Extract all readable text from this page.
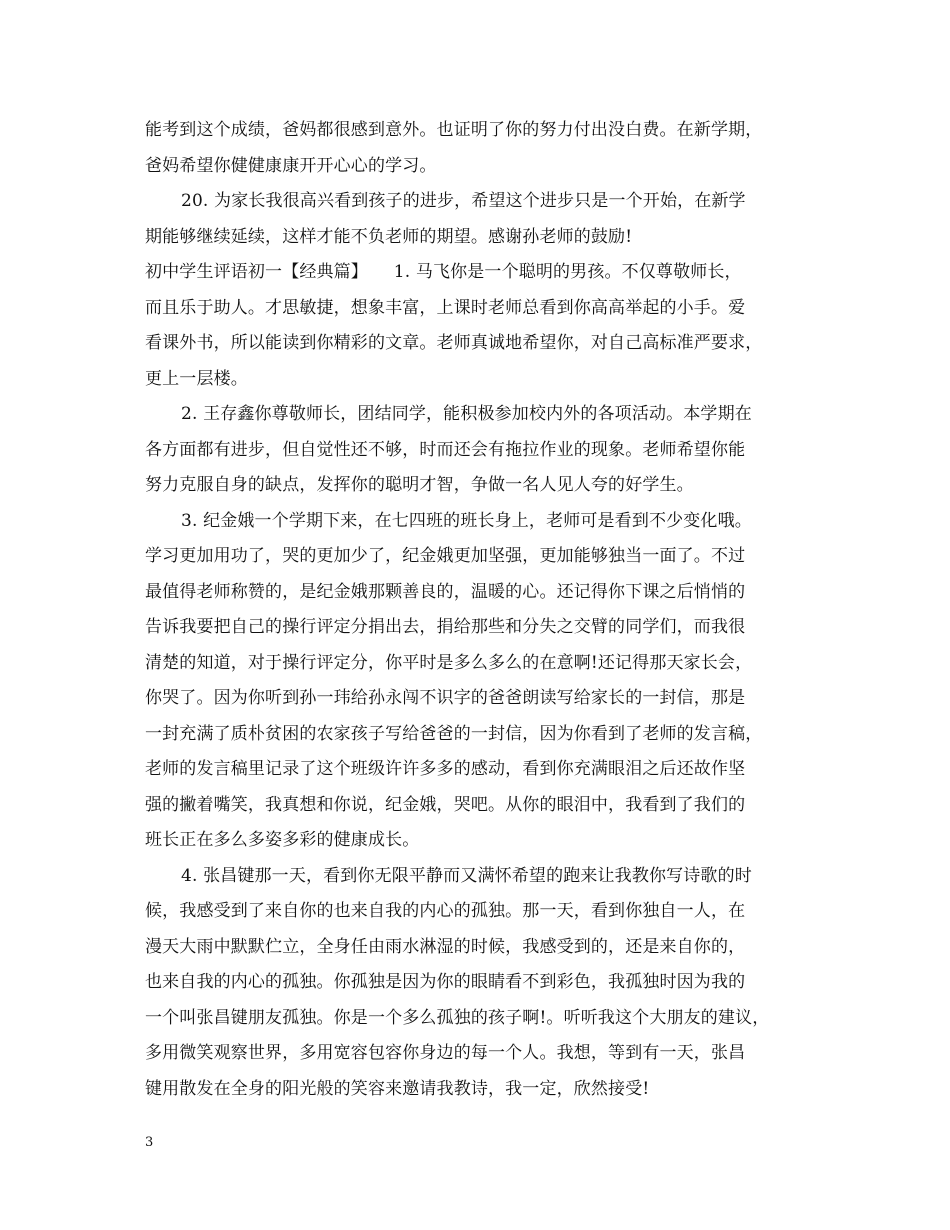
能考到这个成绩，爸妈都很感到意外。也证明了你的努力付出没白费。在新学期，
爸妈希望你健健康康开开心心的学习。
20. 为家长我很高兴看到孩子的进步，希望这个进步只是一个开始，在新学
期能够继续延续，这样才能不负老师的期望。感谢孙老师的鼓励!
初中学生评语初一【经典篇】　　1. 马飞你是一个聪明的男孩。不仅尊敬师长，
而且乐于助人。才思敏捷，想象丰富，上课时老师总看到你高高举起的小手。爱
看课外书，所以能读到你精彩的文章。老师真诚地希望你，对自己高标准严要求，
更上一层楼。
2. 王存鑫你尊敬师长，团结同学，能积极参加校内外的各项活动。本学期在
各方面都有进步，但自觉性还不够，时而还会有拖拉作业的现象。老师希望你能
努力克服自身的缺点，发挥你的聪明才智，争做一名人见人夸的好学生。
3. 纪金娥一个学期下来，在七四班的班长身上，老师可是看到不少变化哦。
学习更加用功了，哭的更加少了，纪金娥更加坚强，更加能够独当一面了。不过
最值得老师称赞的，是纪金娥那颗善良的，温暖的心。还记得你下课之后悄悄的
告诉我要把自己的操行评定分捐出去，捐给那些和分失之交臂的同学们，而我很
清楚的知道，对于操行评定分，你平时是多么多么的在意啊!还记得那天家长会，
你哭了。因为你听到孙一玮给孙永闯不识字的爸爸朗读写给家长的一封信，那是
一封充满了质朴贫困的农家孩子写给爸爸的一封信，因为你看到了老师的发言稿，
老师的发言稿里记录了这个班级许许多多的感动，看到你充满眼泪之后还故作坚
强的撇着嘴笑，我真想和你说，纪金娥，哭吧。从你的眼泪中，我看到了我们的
班长正在多么多姿多彩的健康成长。
4. 张昌键那一天，看到你无限平静而又满怀希望的跑来让我教你写诗歌的时
候，我感受到了来自你的也来自我的内心的孤独。那一天，看到你独自一人，在
漫天大雨中默默伫立，全身任由雨水淋湿的时候，我感受到的，还是来自你的，
也来自我的内心的孤独。你孤独是因为你的眼睛看不到彩色，我孤独时因为我的
一个叫张昌键朋友孤独。你是一个多么孤独的孩子啊!。听听我这个大朋友的建议，
多用微笑观察世界，多用宽容包容你身边的每一个人。我想，等到有一天，张昌
键用散发在全身的阳光般的笑容来邀请我教诗，我一定，欣然接受!
3
